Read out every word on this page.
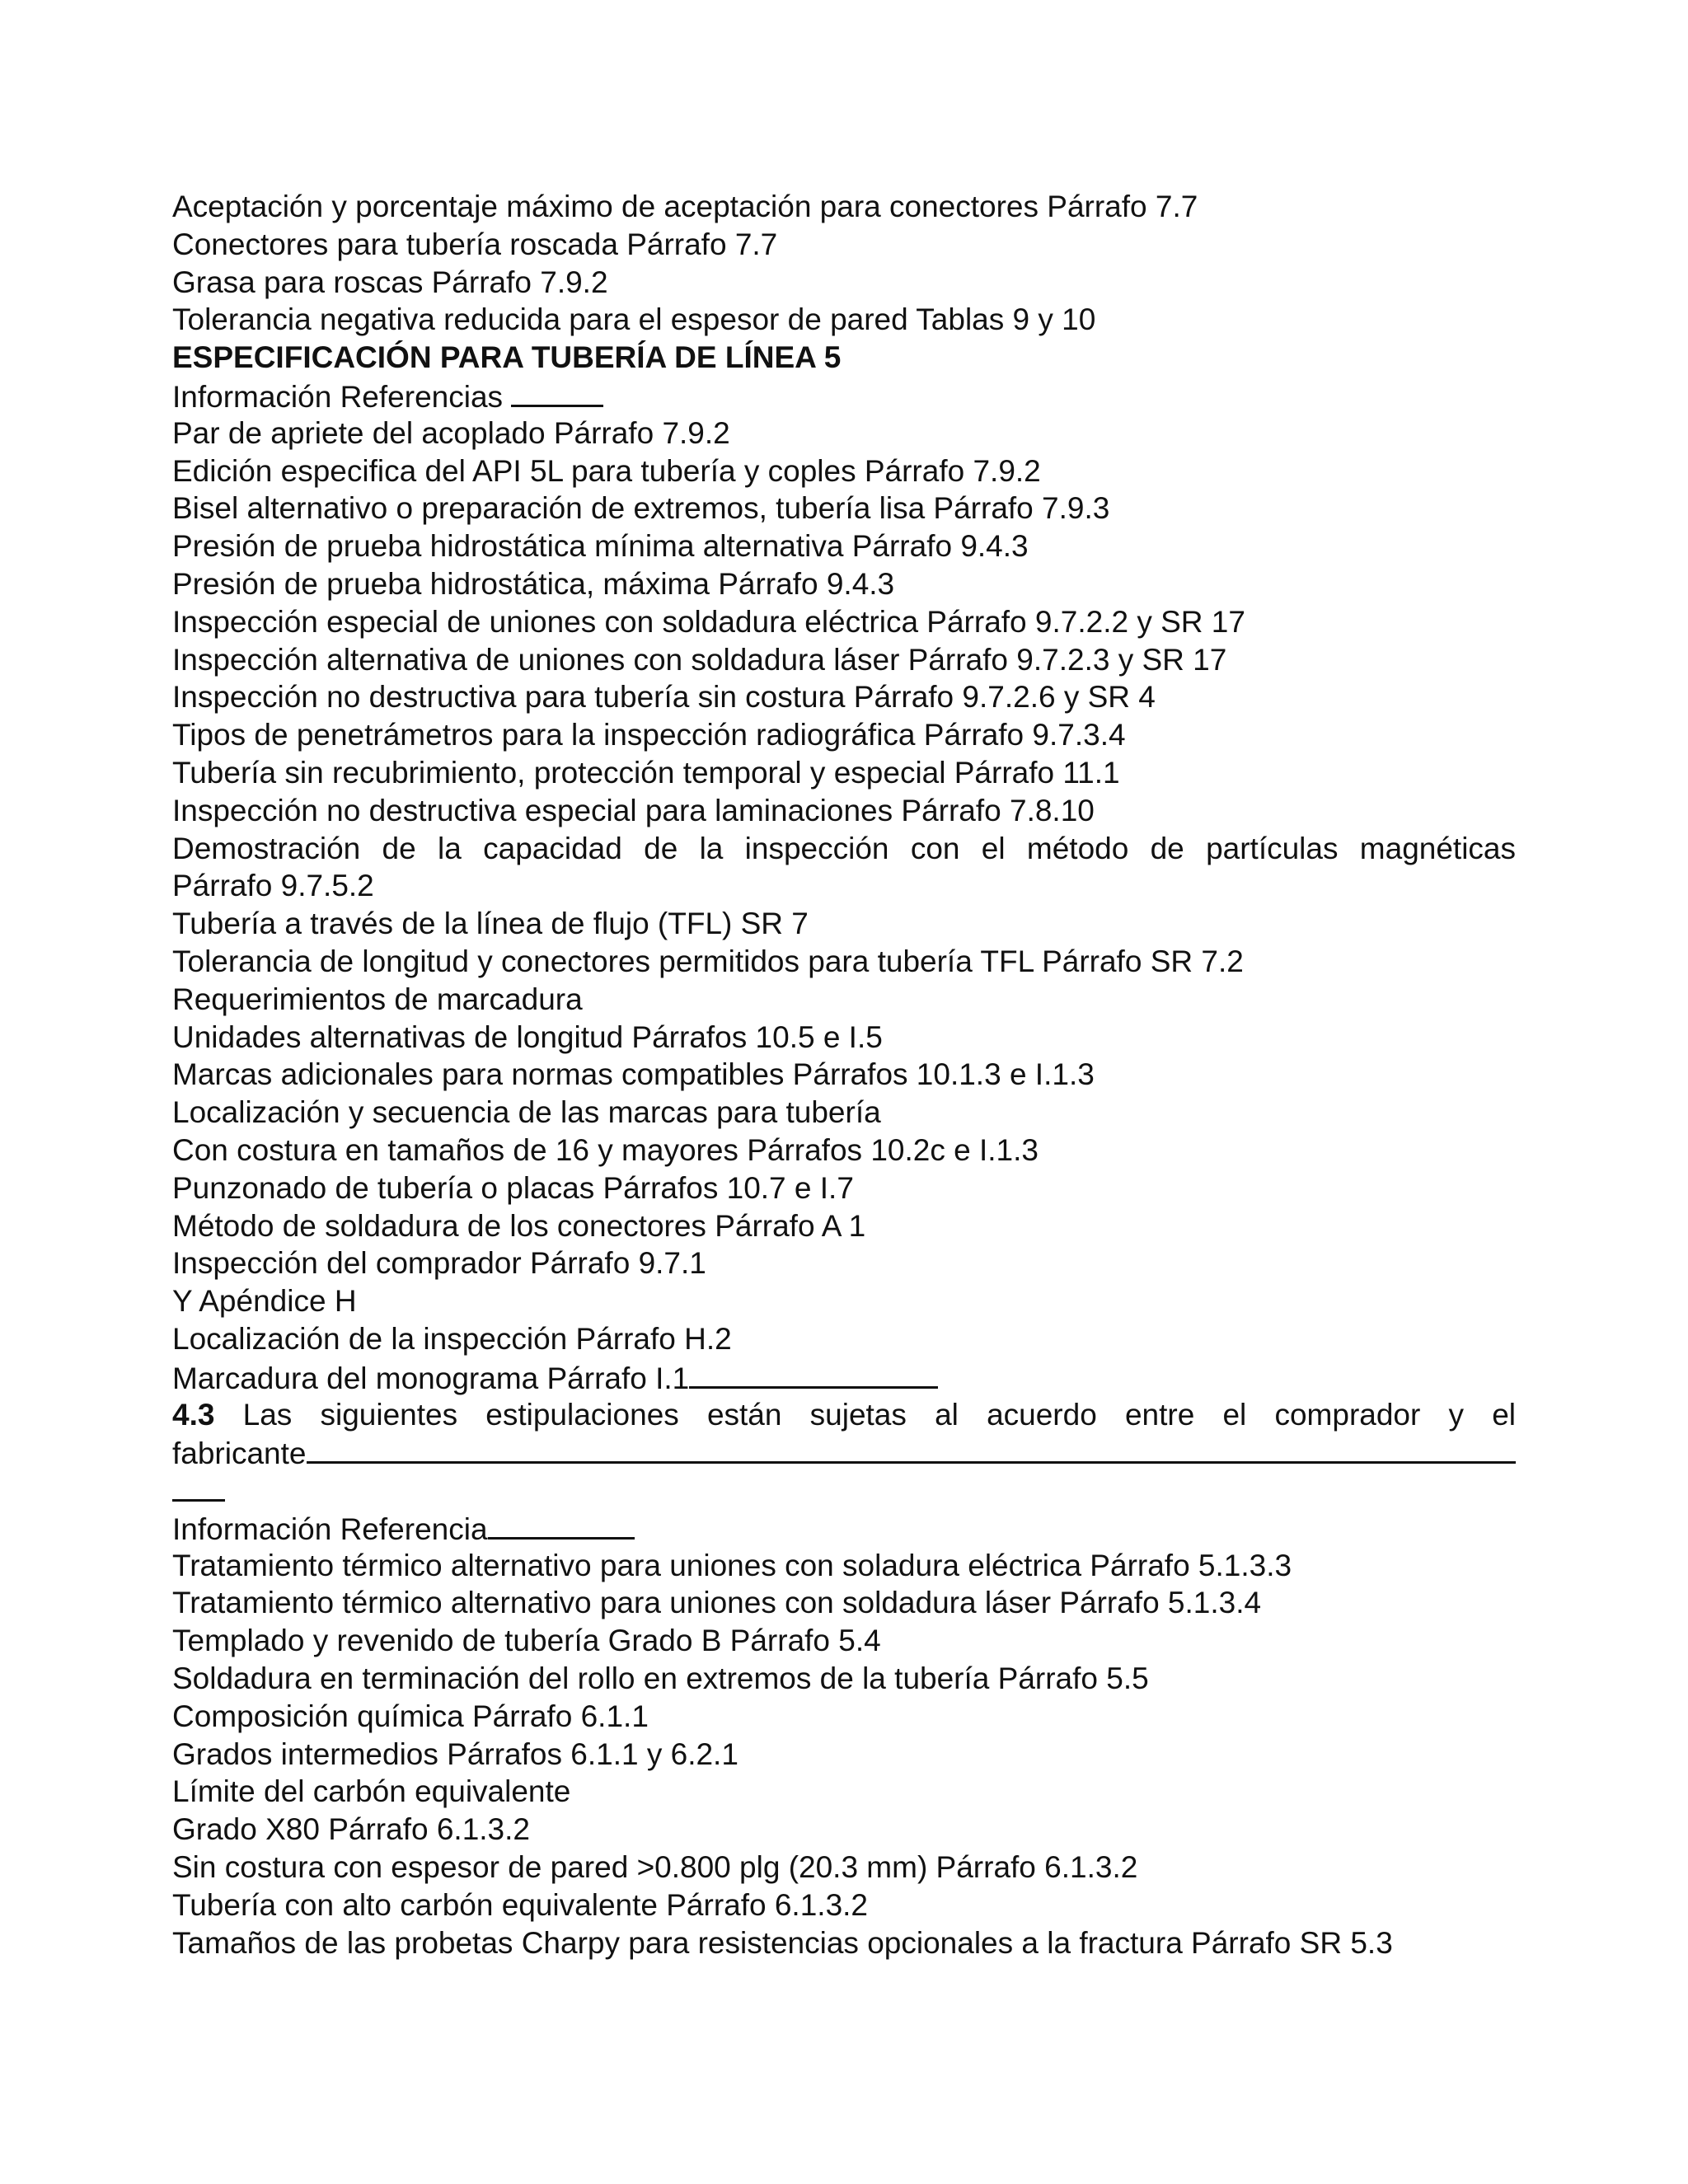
Aceptación y porcentaje máximo de aceptación para conectores Párrafo 7.7
Conectores para tubería roscada Párrafo 7.7
Grasa para roscas Párrafo 7.9.2
Tolerancia negativa reducida para el espesor de pared Tablas 9 y 10
ESPECIFICACIÓN PARA TUBERÍA DE LÍNEA 5
Información Referencias
Par de apriete del acoplado Párrafo 7.9.2
Edición especifica del API 5L para tubería y coples Párrafo 7.9.2
Bisel alternativo o preparación de extremos, tubería lisa Párrafo 7.9.3
Presión de prueba hidrostática mínima alternativa Párrafo 9.4.3
Presión de prueba hidrostática, máxima Párrafo 9.4.3
Inspección especial de uniones con soldadura eléctrica Párrafo 9.7.2.2 y SR 17
Inspección alternativa de uniones con soldadura láser Párrafo 9.7.2.3 y SR 17
Inspección no destructiva para tubería sin costura Párrafo 9.7.2.6 y SR 4
Tipos de penetrámetros para la inspección radiográfica Párrafo 9.7.3.4
Tubería sin recubrimiento, protección temporal y especial Párrafo 11.1
Inspección no destructiva especial para laminaciones Párrafo 7.8.10
Demostración de la capacidad de la inspección con el método de partículas magnéticas
Párrafo 9.7.5.2
Tubería a través de la línea de flujo (TFL) SR 7
Tolerancia de longitud y conectores permitidos para tubería TFL Párrafo SR 7.2
Requerimientos de marcadura
Unidades alternativas de longitud Párrafos 10.5 e I.5
Marcas adicionales para normas compatibles Párrafos 10.1.3 e I.1.3
Localización y secuencia de las marcas para tubería
Con costura en tamaños de 16 y mayores Párrafos 10.2c e I.1.3
Punzonado de tubería o placas Párrafos 10.7 e I.7
Método de soldadura de los conectores Párrafo A 1
Inspección del comprador Párrafo 9.7.1
Y Apéndice H
Localización de la inspección Párrafo H.2
Marcadura del monograma Párrafo I.1
4.3 Las siguientes estipulaciones están sujetas al acuerdo entre el comprador y el
fabricante
Información Referencia
Tratamiento térmico alternativo para uniones con soladura eléctrica Párrafo 5.1.3.3
Tratamiento térmico alternativo para uniones con soldadura láser Párrafo 5.1.3.4
Templado y revenido de tubería Grado B Párrafo 5.4
Soldadura en terminación del rollo en extremos de la tubería Párrafo 5.5
Composición química Párrafo 6.1.1
Grados intermedios Párrafos 6.1.1 y 6.2.1
Límite del carbón equivalente
Grado X80 Párrafo 6.1.3.2
Sin costura con espesor de pared >0.800 plg (20.3 mm) Párrafo 6.1.3.2
Tubería con alto carbón equivalente Párrafo 6.1.3.2
Tamaños de las probetas Charpy para resistencias opcionales a la fractura Párrafo SR 5.3
